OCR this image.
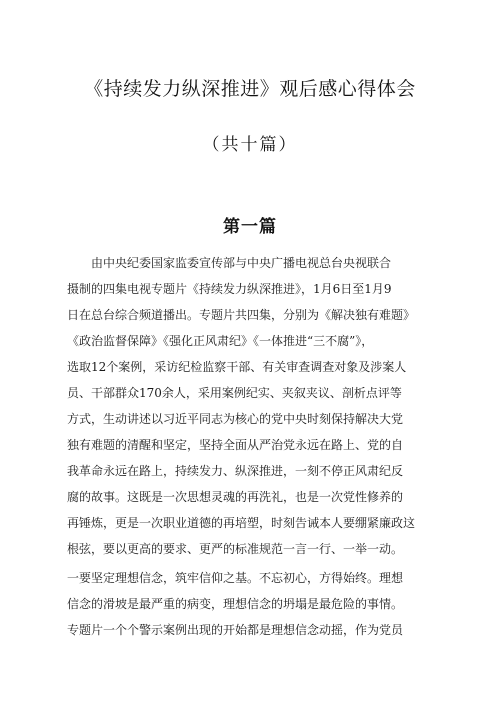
《持续发力纵深推进》观后感心得体会
（共十篇）
第一篇
　　由中央纪委国家监委宣传部与中央广播电视总台央视联合
摄制的四集电视专题片《持续发力纵深推进》，1月6日至1月9
日在总台综合频道播出。专题片共四集，分别为《解决独有难题》
《政治监督保障》《强化正风肃纪》《一体推进“三不腐”》，
选取12个案例，采访纪检监察干部、有关审查调查对象及涉案人
员、干部群众170余人，采用案例纪实、夹叙夹议、剖析点评等
方式，生动讲述以习近平同志为核心的党中央时刻保持解决大党
独有难题的清醒和坚定，坚持全面从严治党永远在路上、党的自
我革命永远在路上，持续发力、纵深推进，一刻不停正风肃纪反
腐的故事。这既是一次思想灵魂的再洗礼，也是一次党性修养的
再锤炼，更是一次职业道德的再培塑，时刻告诫本人要绷紧廉政这
根弦，要以更高的要求、更严的标准规范一言一行、一举一动。
一要坚定理想信念，筑牢信仰之基。不忘初心，方得始终。理想
信念的滑坡是最严重的病变，理想信念的坍塌是最危险的事情。
专题片一个个警示案例出现的开始都是理想信念动摇，作为党员
